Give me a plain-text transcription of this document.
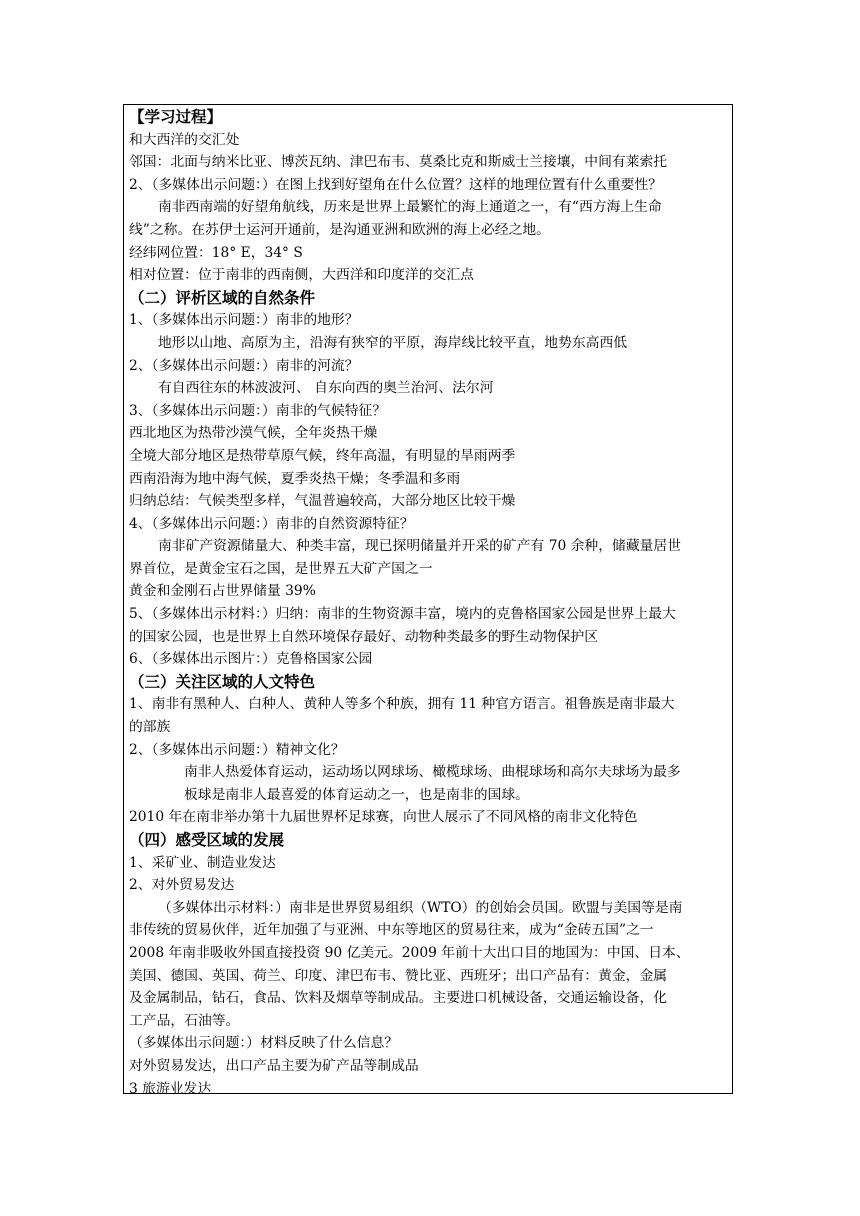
【学习过程】
和大西洋的交汇处
邻国：北面与纳米比亚、博茨瓦纳、津巴布韦、莫桑比克和斯威士兰接壤，中间有莱索托
2、（多媒体出示问题：）在图上找到好望角在什么位置？这样的地理位置有什么重要性？
南非西南端的好望角航线，历来是世界上最繁忙的海上通道之一，有“西方海上生命
线”之称。在苏伊士运河开通前，是沟通亚洲和欧洲的海上必经之地。
经纬网位置：18° E，34° S
相对位置：位于南非的西南侧，大西洋和印度洋的交汇点
（二）评析区域的自然条件
1、（多媒体出示问题：）南非的地形？
地形以山地、高原为主，沿海有狭窄的平原，海岸线比较平直，地势东高西低
2、（多媒体出示问题：）南非的河流？
有自西往东的林波波河、 自东向西的奥兰治河、法尔河
3、（多媒体出示问题：）南非的气候特征？
西北地区为热带沙漠气候，全年炎热干燥
全境大部分地区是热带草原气候，终年高温，有明显的旱雨两季
西南沿海为地中海气候，夏季炎热干燥；冬季温和多雨
归纳总结：气候类型多样，气温普遍较高，大部分地区比较干燥
4、（多媒体出示问题：）南非的自然资源特征？
南非矿产资源储量大、种类丰富，现已探明储量并开采的矿产有 70 余种，储藏量居世
界首位，是黄金宝石之国，是世界五大矿产国之一
黄金和金刚石占世界储量 39%
5、（多媒体出示材料：）归纳：南非的生物资源丰富，境内的克鲁格国家公园是世界上最大
的国家公园，也是世界上自然环境保存最好、动物种类最多的野生动物保护区
6、（多媒体出示图片：）克鲁格国家公园
（三）关注区域的人文特色
1、南非有黑种人、白种人、黄种人等多个种族，拥有 11 种官方语言。祖鲁族是南非最大
的部族
2、（多媒体出示问题：）精神文化？
南非人热爱体育运动，运动场以网球场、橄榄球场、曲棍球场和高尔夫球场为最多
板球是南非人最喜爱的体育运动之一，也是南非的国球。
2010 年在南非举办第十九届世界杯足球赛，向世人展示了不同风格的南非文化特色
（四）感受区域的发展
1、采矿业、制造业发达
2、对外贸易发达
（多媒体出示材料：）南非是世界贸易组织（WTO）的创始会员国。欧盟与美国等是南
非传统的贸易伙伴，近年加强了与亚洲、中东等地区的贸易往来，成为“金砖五国”之一
2008 年南非吸收外国直接投资 90 亿美元。2009 年前十大出口目的地国为：中国、日本、
美国、德国、英国、荷兰、印度、津巴布韦、赞比亚、西班牙；出口产品有：黄金，金属
及金属制品，钻石，食品、饮料及烟草等制成品。主要进口机械设备，交通运输设备，化
工产品，石油等。
（多媒体出示问题：）材料反映了什么信息？
对外贸易发达，出口产品主要为矿产品等制成品
3 旅游业发达
